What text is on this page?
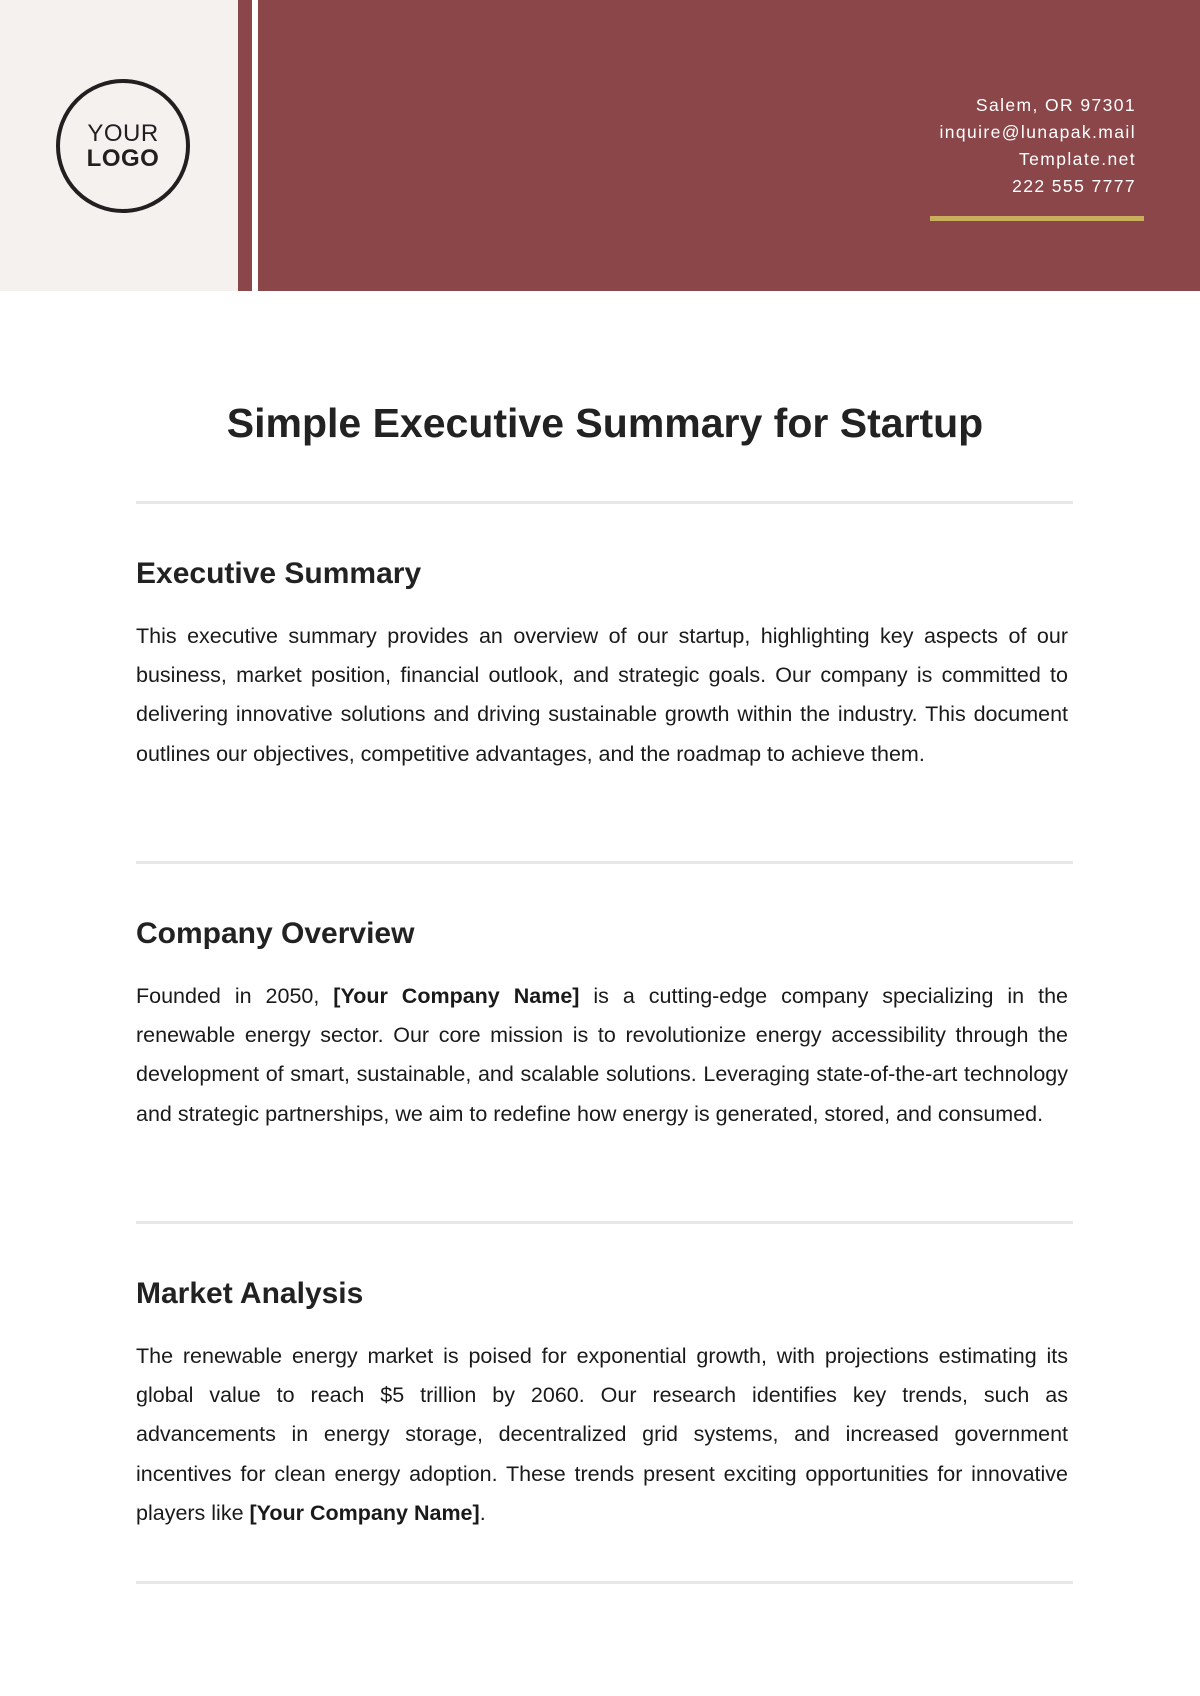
YOUR
LOGO
Salem, OR 97301
inquire@lunapak.mail
Template.net
222 555 7777
Simple Executive Summary for Startup
Executive Summary

This executive summary provides an overview of our startup, highlighting key aspects of our business, market position, financial outlook, and strategic goals. Our company is committed to delivering innovative solutions and driving sustainable growth within the industry. This document outlines our objectives, competitive advantages, and the roadmap to achieve them.

Company Overview

Founded in 2050, [Your Company Name] is a cutting-edge company specializing in the renewable energy sector. Our core mission is to revolutionize energy accessibility through the development of smart, sustainable, and scalable solutions. Leveraging state-of-the-art technology and strategic partnerships, we aim to redefine how energy is generated, stored, and consumed.

Market Analysis

The renewable energy market is poised for exponential growth, with projections estimating its global value to reach $5 trillion by 2060. Our research identifies key trends, such as advancements in energy storage, decentralized grid systems, and increased government incentives for clean energy adoption. These trends present exciting opportunities for innovative players like [Your Company Name].
